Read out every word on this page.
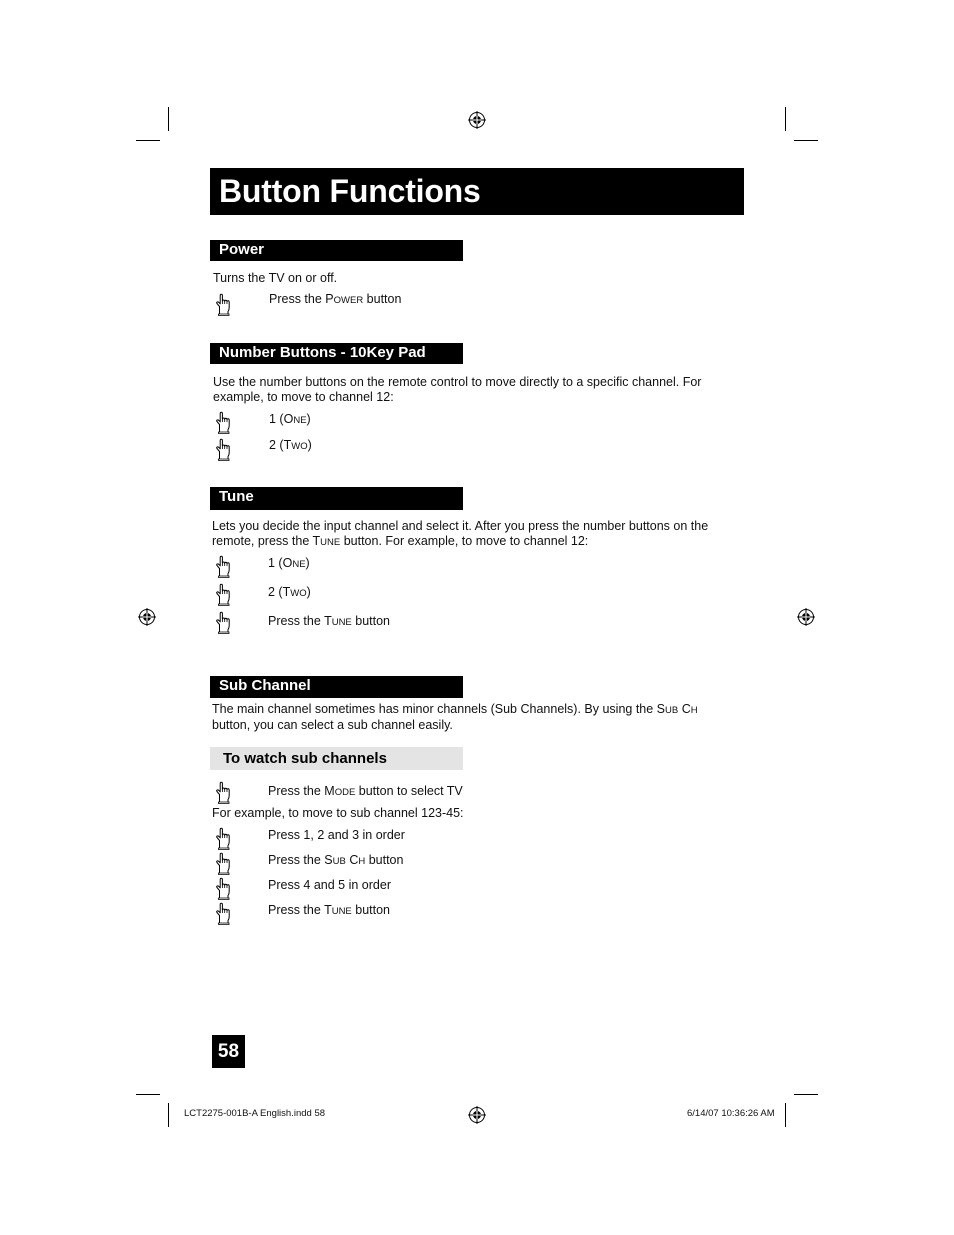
Button Functions
Power
Turns the TV on or off.
Press the POWER button
Number Buttons - 10Key Pad
Use the number buttons on the remote control to move directly to a specific channel. For example, to move to channel 12:
1 (ONE)
2 (TWO)
Tune
Lets you decide the input channel and select it. After you press the number buttons on the remote, press the TUNE button. For example, to move to channel 12:
1 (ONE)
2 (TWO)
Press the TUNE button
Sub Channel
The main channel sometimes has minor channels (Sub Channels). By using the SUB CH button, you can select a sub channel easily.
To watch sub channels
Press the MODE button to select TV
For example, to move to sub channel 123-45:
Press 1, 2 and 3 in order
Press the SUB CH button
Press 4 and 5 in order
Press the TUNE button
58
LCT2275-001B-A English.indd 58	6/14/07 10:36:26 AM
